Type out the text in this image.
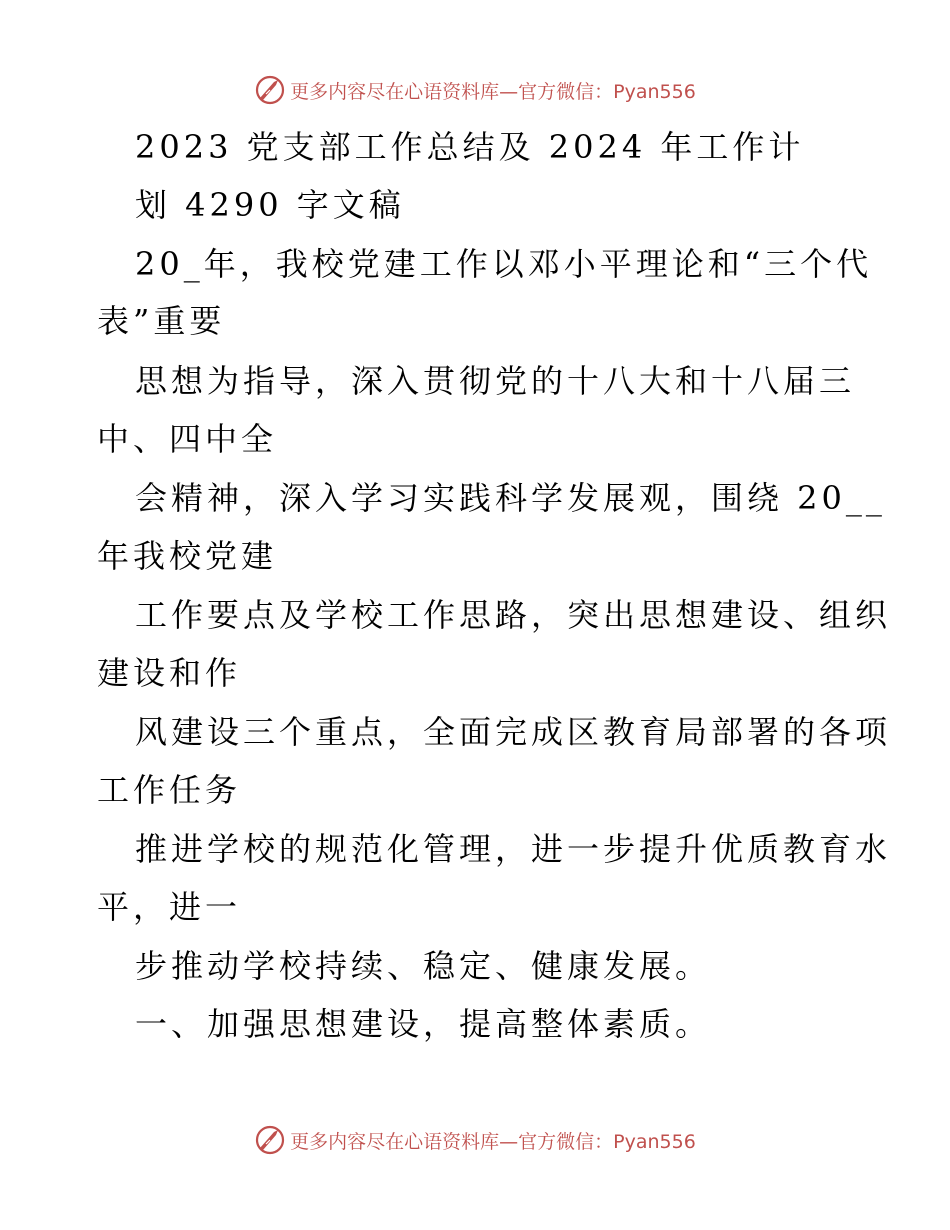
更多内容尽在心语资料库—官方微信：Pyan556
2023 党支部工作总结及 2024 年工作计
划 4290 字文稿
20_年，我校党建工作以邓小平理论和“三个代
表”重要
思想为指导，深入贯彻党的十八大和十八届三
中、四中全
会精神，深入学习实践科学发展观，围绕 20__
年我校党建
工作要点及学校工作思路，突出思想建设、组织
建设和作
风建设三个重点，全面完成区教育局部署的各项
工作任务
推进学校的规范化管理，进一步提升优质教育水
平，进一
步推动学校持续、稳定、健康发展。
一、加强思想建设，提高整体素质。
更多内容尽在心语资料库—官方微信：Pyan556
